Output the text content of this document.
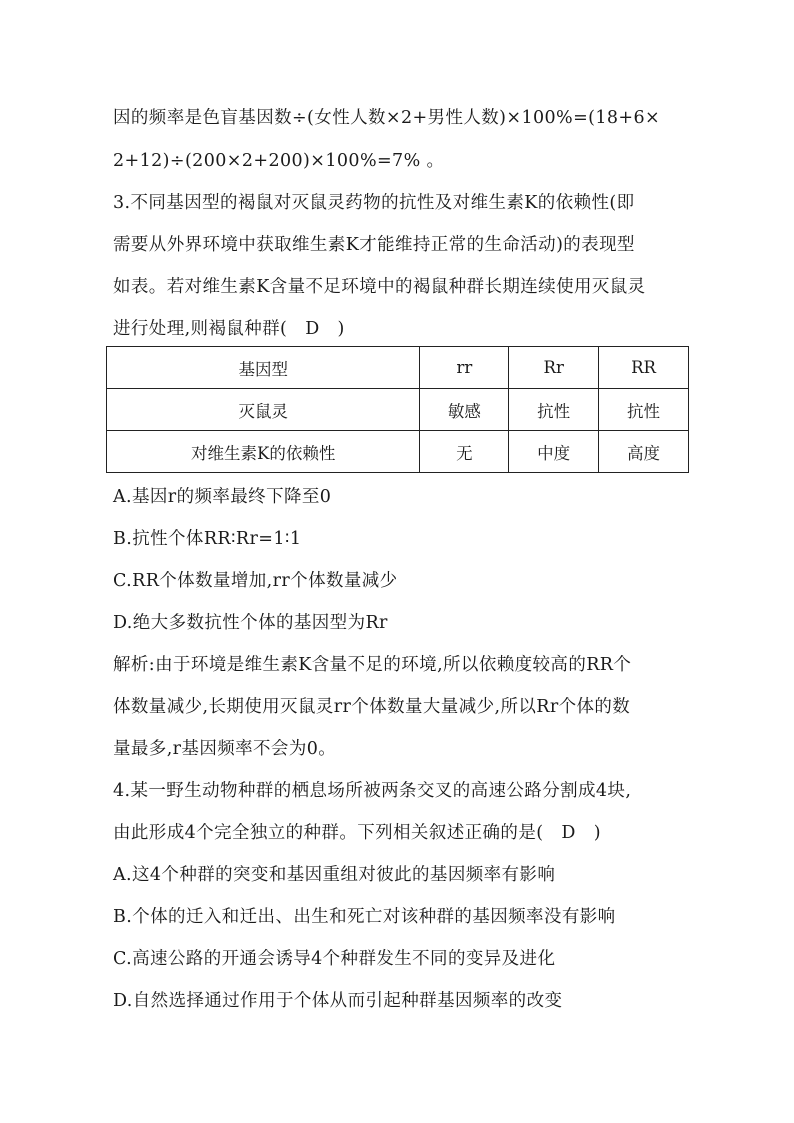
因的频率是色盲基因数÷(女性人数×2+男性人数)×100%=(18+6×
2+12)÷(200×2+200)×100%=7% 。
3.不同基因型的褐鼠对灭鼠灵药物的抗性及对维生素K的依赖性(即
需要从外界环境中获取维生素K才能维持正常的生命活动)的表现型
如表。若对维生素K含量不足环境中的褐鼠种群长期连续使用灭鼠灵
进行处理,则褐鼠种群(　D　)
基因型	rr	Rr	RR
灭鼠灵	敏感	抗性	抗性
对维生素K的依赖性	无	中度	高度
A.基因r的频率最终下降至0
B.抗性个体RR∶Rr=1∶1
C.RR个体数量增加,rr个体数量减少
D.绝大多数抗性个体的基因型为Rr
解析:由于环境是维生素K含量不足的环境,所以依赖度较高的RR个
体数量减少,长期使用灭鼠灵rr个体数量大量减少,所以Rr个体的数
量最多,r基因频率不会为0。
4.某一野生动物种群的栖息场所被两条交叉的高速公路分割成4块,
由此形成4个完全独立的种群。下列相关叙述正确的是(　D　)
A.这4个种群的突变和基因重组对彼此的基因频率有影响
B.个体的迁入和迁出、出生和死亡对该种群的基因频率没有影响
C.高速公路的开通会诱导4个种群发生不同的变异及进化
D.自然选择通过作用于个体从而引起种群基因频率的改变
